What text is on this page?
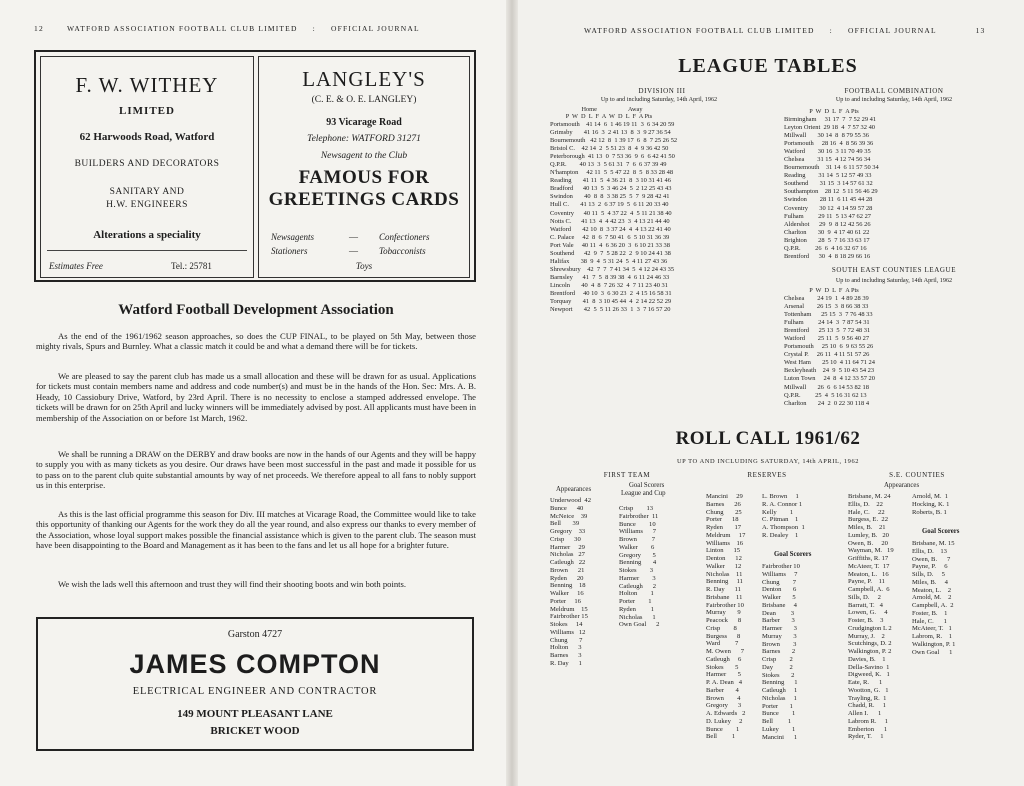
12	WATFORD ASSOCIATION FOOTBALL CLUB LIMITED : OFFICIAL JOURNAL
F. W. WITHEY
LIMITED
62 Harwoods Road, Watford
BUILDERS AND DECORATORS
SANITARY AND
H.W. ENGINEERS
Alterations a speciality
Estimates Free	Tel.: 25781
LANGLEY'S
(C. E. & O. E. LANGLEY)
93 Vicarage Road
Telephone: WATFORD 31271
Newsagent to the Club
FAMOUS FOR
GREETINGS CARDS
Newsagents	— Confectioners
Stationers	— Tobacconists
Toys
Watford Football Development Association
As the end of the 1961/1962 season approaches, so does the CUP FINAL, to be played on 5th May, between those mighty rivals, Spurs and Burnley. What a classic match it could be and what a demand there will be for tickets.
We are pleased to say the parent club has made us a small allocation and these will be drawn for as usual. Applications for tickets must contain members name and address and code number(s) and must be in the hands of the Hon. Sec: Mrs. A. B. Heady, 10 Cassiobury Drive, Watford, by 23rd April. There is no necessity to enclose a stamped addressed envelope. The tickets will be drawn for on 25th April and lucky winners will be immediately advised by post. All applicants must have been in membership of the Association on or before 1st March, 1962.
We shall be running a DRAW on the DERBY and draw books are now in the hands of our Agents and they will be happy to supply you with as many tickets as you desire. Our draws have been most successful in the past and made it possible for us to pass on to the parent club quite substantial amounts by way of net proceeds. We therefore appeal to all fans to nobly support us in this enterprise.
As this is the last official programme this season for Div. III matches at Vicarage Road, the Committee would like to take this opportunity of thanking our Agents for the work they do all the year round, and also express our thanks to every member of the Association, whose loyal support makes possible the financial assistance which is given to the parent club. The season must have been disappointing to the Board and Management as it has been to the fans and let us all hope for a brighter future.
We wish the lads well this afternoon and trust they will find their shooting boots and win both points.
Garston 4727
JAMES COMPTON
ELECTRICAL ENGINEER AND CONTRACTOR
149 MOUNT PLEASANT LANE
BRICKET WOOD
WATFORD ASSOCIATION FOOTBALL CLUB LIMITED : OFFICIAL JOURNAL	13
LEAGUE TABLES
DIVISION III
Up to and including Saturday, 14th April, 1962
Home                    Away
P  W  D  L  F  A  W  D  L  F  A Pts
Portsmouth    41 14  6  1 46 19 11  3  6 34 20 59
Grimsby       41 16  3  2 41 13  8  3  9 27 36 54
Bournemouth   42 12  8  1 39 17  6  8  7 25 26 52
Bristol C.    42 14  2  5 51 23  8  4  9 36 42 50
Peterborough  41 13  0  7 53 36  9  6  6 42 41 50
Q.P.R.        40 13  3  5 61 31  7  6  6 37 39 49
N'hampton     42 11  5  5 47 22  8  5  8 33 28 48
Reading       41 11  5  4 36 21  8  3 10 31 41 46
Bradford      40 13  5  3 46 24  5  2 12 25 43 43
Swindon       40  8  8  3 38 25  5  7  9 28 42 41
Hull C.       41 13  2  6 37 19  5  6 11 20 33 40
Coventry      40 11  5  4 37 22  4  5 11 21 38 40
Notts C.      41 13  4  4 42 23  3  4 13 21 44 40
Watford       42 10  8  3 37 24  4  4 13 22 41 40
C. Palace     42  8  6  7 50 41  6  5 10 31 36 39
Port Vale     40 11  4  6 36 20  3  6 10 21 33 38
Southend      42  9  7  5 28 22  2  9 10 24 41 38
Halifax       38  9  4  5 31 24  5  4 11 27 43 36
Shrewsbury    42  7  7  7 41 34  5  4 12 24 43 35
Barnsley      41  7  5  8 39 38  4  6 11 24 46 33
Lincoln       40  4  8  7 26 32  4  7 11 23 40 31
Brentford     40 10  3  6 30 23  2  4 15 16 58 31
Torquay       41  8  3 10 45 44  4  2 14 22 52 29
Newport       42  5  5 11 26 33  1  3  7 16 57 20
FOOTBALL COMBINATION
Up to and including Saturday, 14th April, 1962
P  W  D  L  F  A Pts
Birmingham     31 17  7  7 52 29 41
Leyton Orient  29 18  4  7 57 32 40
Millwall       30 14  8  8 79 55 36
Portsmouth     28 16  4  8 56 39 36
Watford        30 16  3 11 70 49 35
Chelsea        31 15  4 12 74 56 34
Bournemouth    31 14  6 11 57 50 34
Reading        31 14  5 12 57 49 33
Southend       31 15  3 14 57 61 32
Southampton    28 12  5 11 56 46 29
Swindon        28 11  6 11 45 44 28
Coventry       30 12  4 14 59 57 28
Fulham         29 11  5 13 47 62 27
Aldershot      29  9  8 12 42 56 26
Charlton       30  9  4 17 40 61 22
Brighton       28  5  7 16 33 63 17
Q.P.R.         26  6  4 16 32 67 16
Brentford      30  4  8 18 29 66 16
SOUTH EAST COUNTIES LEAGUE
Up to and including Saturday, 14th April, 1962
P  W  D  L  F  A Pts
Chelsea        24 19  1  4 89 28 39
Arsenal        26 15  3  8 66 38 33
Tottenham      25 15  3  7 76 48 33
Fulham         24 14  3  7 87 54 31
Brentford      25 13  5  7 72 48 31
Watford        25 11  5  9 56 40 27
Portsmouth     25 10  6  9 63 55 26
Crystal P.     26 11  4 11 51 57 26
West Ham       25 10  4 11 64 71 24
Bexleyheath    24  9  5 10 43 54 23
Luton Town     24  8  4 12 33 57 20
Millwall       26  6  6 14 53 82 18
Q.P.R.         25  4  5 16 31 62 13
Charlton       24  2  0 22 30 118 4
ROLL CALL 1961/62
UP TO AND INCLUDING SATURDAY, 14th APRIL, 1962
FIRST TEAM	RESERVES	S.E. COUNTIES
Appearances
Goal Scorers
League and Cup
Appearances
Underwood  42
Bunce      40
McNeice    39
Bell       39
Gregory    33
Crisp      30
Harmer     29
Nicholas   27
Catleugh   22
Brown      21
Ryden      20
Benning    18
Walker     16
Porter     16
Meldrum    15
Fairbrother 15
Stokes     14
Williams   12
Chung       7
Holton      3
Barnes      3
R. Day      1
Crisp        13
Fairbrother  11
Bunce        10
Williams      7
Brown         7
Walker        6
Gregory       5
Benning       4
Stokes        3
Harmer        3
Catleugh      2
Holton        1
Porter        1
Ryden         1
Nicholas      1
Own Goal      2
Mancini     29
Barnes      26
Chung       25
Porter      18
Ryden       17
Meldrum     17
Williams    16
Linton      15
Denton      12
Walker      12
Nicholas    11
Benning     11
R. Day      11
Brisbane    11
Fairbrother 10
Murray       9
Peacock      8
Crisp        8
Burgess      8
Ward         7
M. Owen      7
Catleugh     6
Stokes       5
Harmer       5
P. A. Dean   4
Barber       4
Brown        4
Gregory      3
A. Edwards   2
D. Lukey     2
Bunce        1
Bell         1
L. Brown     1
R. A. Connor 1
Kelly        1
C. Pitman    1
A. Thompson  1
R. Dealey    1
Goal Scorers
Fairbrother 10
Williams     7
Chung        7
Denton       6
Walker       5
Brisbane     4
Dean         3
Barber       3
Harmer       3
Murray       3
Brown        3
Barnes       2
Crisp        2
Day          2
Stokes       2
Benning      1
Catleugh     1
Nicholas     1
Porter       1
Bunce        1
Bell         1
Lukey        1
Mancini      1
Brisbane, M. 24
Ellis, D.    22
Hale, C.     22
Burgess, E.  22
Miles, B.    21
Lumley, B.   20
Owen, B.     20
Wayman, M.   19
Griffiths, R. 17
McAteer, T.  17
Meaton, L.   16
Payne, P.    11
Campbell, A.  6
Sills, D.     2
Barratt, T.   4
Lowen, G.     4
Foster, B.    3
Crudgington L 2
Murray, J.    2
Scutchings, D. 2
Walkington, P. 2
Davies, B.    1
Della-Savino  1
Digweed, K.   1
Eate, R.      1
Wootton, G.   1
Trayling, R.  1
Chadd, R.     1
Allen I.      1
Labrom R.     1
Emberton      1
Ryder, T.     1
Arnold, M.  1
Hocking, K. 1
Roberts, B. 1
Goal Scorers
Brisbane, M. 15
Ellis, D.    13
Owen, B.      7
Payne, P.     6
Sills, D.     5
Miles, B.     4
Meaton, L.    2
Arnold, M.    2
Campbell, A.  2
Foster, B.    1
Hale, C.      1
McAteer, T.   1
Labrom, R.    1
Walkington, P. 1
Own Goal      1
